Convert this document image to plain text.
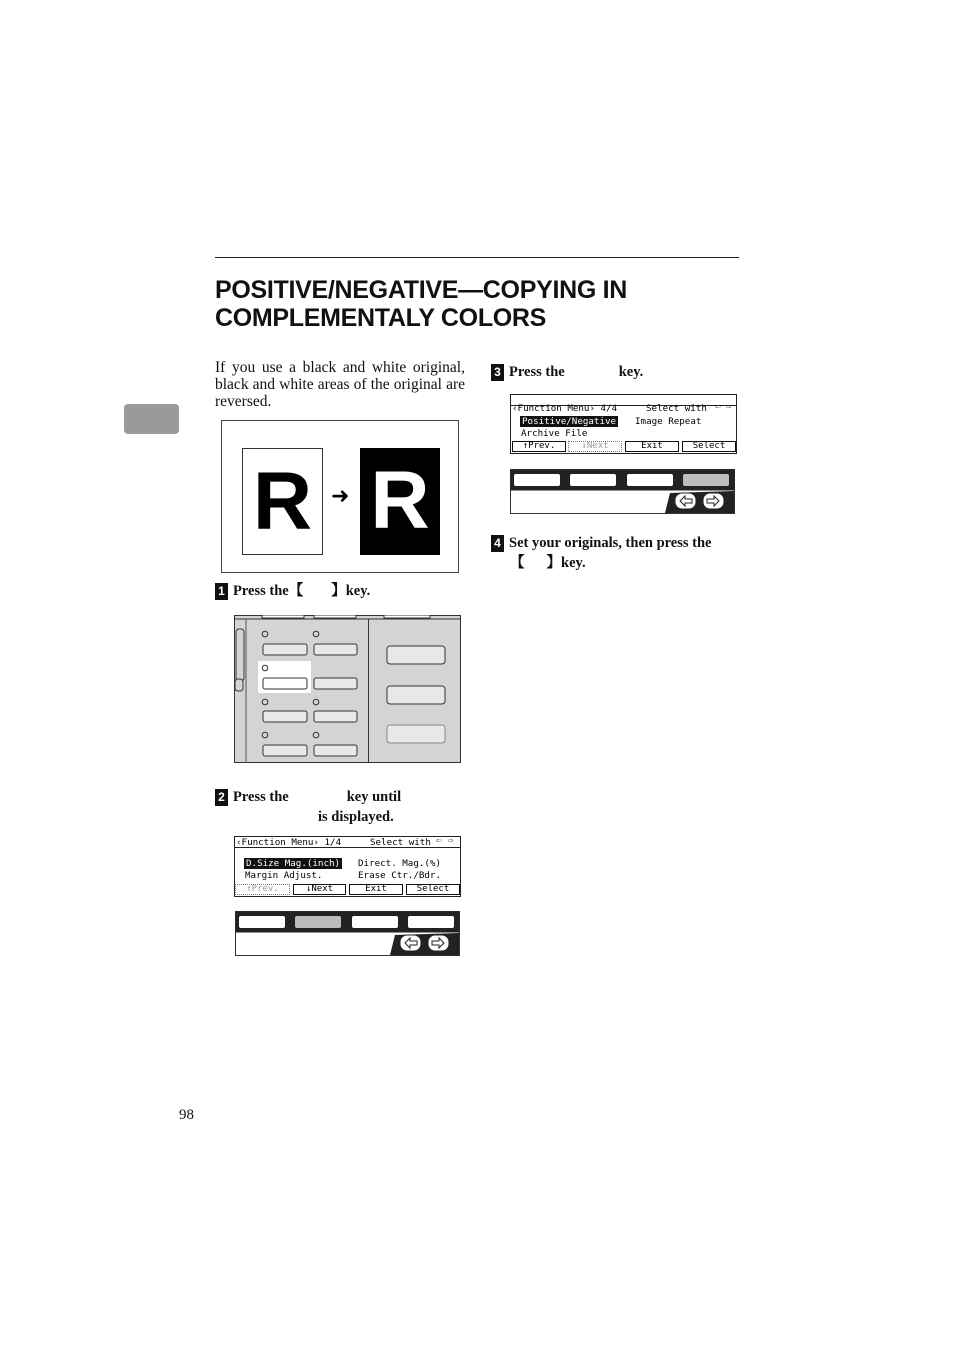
POSITIVE/NEGATIVE—COPYING IN
COMPLEMENTALY COLORS
If you use a black and white original, black and white areas of the original are reversed.
R ➜ R
1 Press the【 】key.
2 Press the	key until
is displayed.
‹Function Menu› 1/4	Select with ⇦ ⇨
D.Size Mag.(inch) Direct. Mag.(%)
Margin Adjust.	Erase Ctr./Bdr.
↑Prev.	↓Next	Exit	Select
3 Press the	key.
‹Function Menu› 4/4	Select with ⇦ ⇨
Positive/Negative Image Repeat
Archive File
↑Prev.	↓Next	Exit	Select
4 Set your originals, then press the
【 】key.
98
